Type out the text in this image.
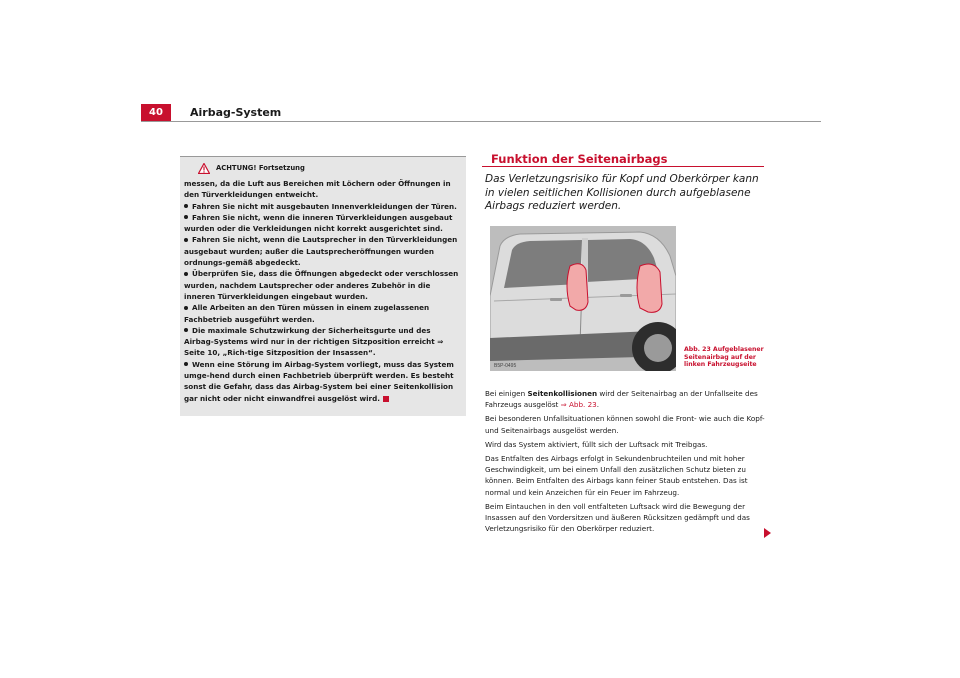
40	Airbag-System
ACHTUNG! Fortsetzung

messen, da die Luft aus Bereichen mit Löchern oder Öffnungen in den Türverkleidungen entweicht.

Fahren Sie nicht mit ausgebauten Innenverkleidungen der Türen.

Fahren Sie nicht, wenn die inneren Türverkleidungen ausgebaut wurden oder die Verkleidungen nicht korrekt ausgerichtet sind.

Fahren Sie nicht, wenn die Lautsprecher in den Türverkleidungen ausgebaut wurden; außer die Lautsprecheröffnungen wurden ordnungs-gemäß abgedeckt.

Überprüfen Sie, dass die Öffnungen abgedeckt oder verschlossen wurden, nachdem Lautsprecher oder anderes Zubehör in die inneren Türverkleidungen eingebaut wurden.

Alle Arbeiten an den Türen müssen in einem zugelassenen Fachbetrieb ausgeführt werden.

Die maximale Schutzwirkung der Sicherheitsgurte und des Airbag-Systems wird nur in der richtigen Sitzposition erreicht ⇒ Seite 10, „Rich-tige Sitzposition der Insassen“.

Wenn eine Störung im Airbag-System vorliegt, muss das System umge-hend durch einen Fachbetrieb überprüft werden. Es besteht sonst die Gefahr, dass das Airbag-System bei einer Seitenkollision gar nicht oder nicht einwandfrei ausgelöst wird.

Funktion der Seitenairbags
Das Verletzungsrisiko für Kopf und Oberkörper kann in vielen seitlichen Kollisionen durch aufgeblasene Airbags reduziert werden.
B5P-0495
Abb. 23 Aufgeblasener Seitenairbag auf der linken Fahrzeugseite

Bei einigen Seitenkollisionen wird der Seitenairbag an der Unfallseite des Fahrzeugs ausgelöst ⇒ Abb. 23.

Bei besonderen Unfallsituationen können sowohl die Front- wie auch die Kopf- und Seitenairbags ausgelöst werden.

Wird das System aktiviert, füllt sich der Luftsack mit Treibgas.

Das Entfalten des Airbags erfolgt in Sekundenbruchteilen und mit hoher Geschwindigkeit, um bei einem Unfall den zusätzlichen Schutz bieten zu können. Beim Entfalten des Airbags kann feiner Staub entstehen. Das ist normal und kein Anzeichen für ein Feuer im Fahrzeug.

Beim Eintauchen in den voll entfalteten Luftsack wird die Bewegung der Insassen auf den Vordersitzen und äußeren Rücksitzen gedämpft und das Verletzungsrisiko für den Oberkörper reduziert.
